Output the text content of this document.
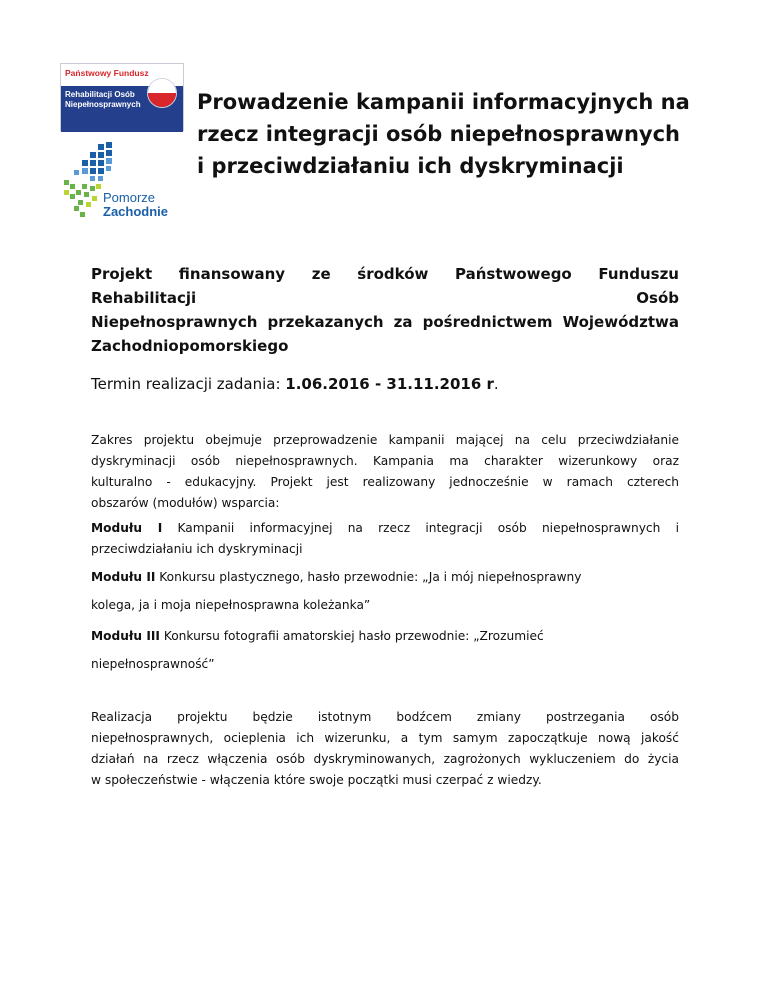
Państwowy Fundusz
Rehabilitacji Osób
Niepełnosprawnych
Pomorze
Zachodnie
Prowadzenie kampanii informacyjnych na
rzecz integracji osób niepełnosprawnych
i przeciwdziałaniu ich dyskryminacji
Projekt finansowany ze środków Państwowego Funduszu Rehabilitacji Osób
Niepełnosprawnych przekazanych za pośrednictwem Województwa
Zachodniopomorskiego
Termin realizacji zadania: 1.06.2016 - 31.11.2016 r.
Zakres projektu obejmuje przeprowadzenie kampanii mającej na celu przeciwdziałanie
dyskryminacji osób niepełnosprawnych. Kampania ma charakter wizerunkowy oraz
kulturalno - edukacyjny. Projekt jest realizowany jednocześnie w ramach czterech
obszarów (modułów) wsparcia:
Modułu I Kampanii informacyjnej na rzecz integracji osób niepełnosprawnych i
przeciwdziałaniu ich dyskryminacji
Modułu II Konkursu plastycznego, hasło przewodnie: „Ja i mój niepełnosprawny
kolega, ja i moja niepełnosprawna koleżanka”
Modułu III Konkursu fotografii amatorskiej hasło przewodnie: „Zrozumieć
niepełnosprawność”
Realizacja projektu będzie istotnym bodźcem zmiany postrzegania osób
niepełnosprawnych, ocieplenia ich wizerunku, a tym samym zapoczątkuje nową jakość
działań na rzecz włączenia osób dyskryminowanych, zagrożonych wykluczeniem do życia
w społeczeństwie - włączenia które swoje początki musi czerpać z wiedzy.
